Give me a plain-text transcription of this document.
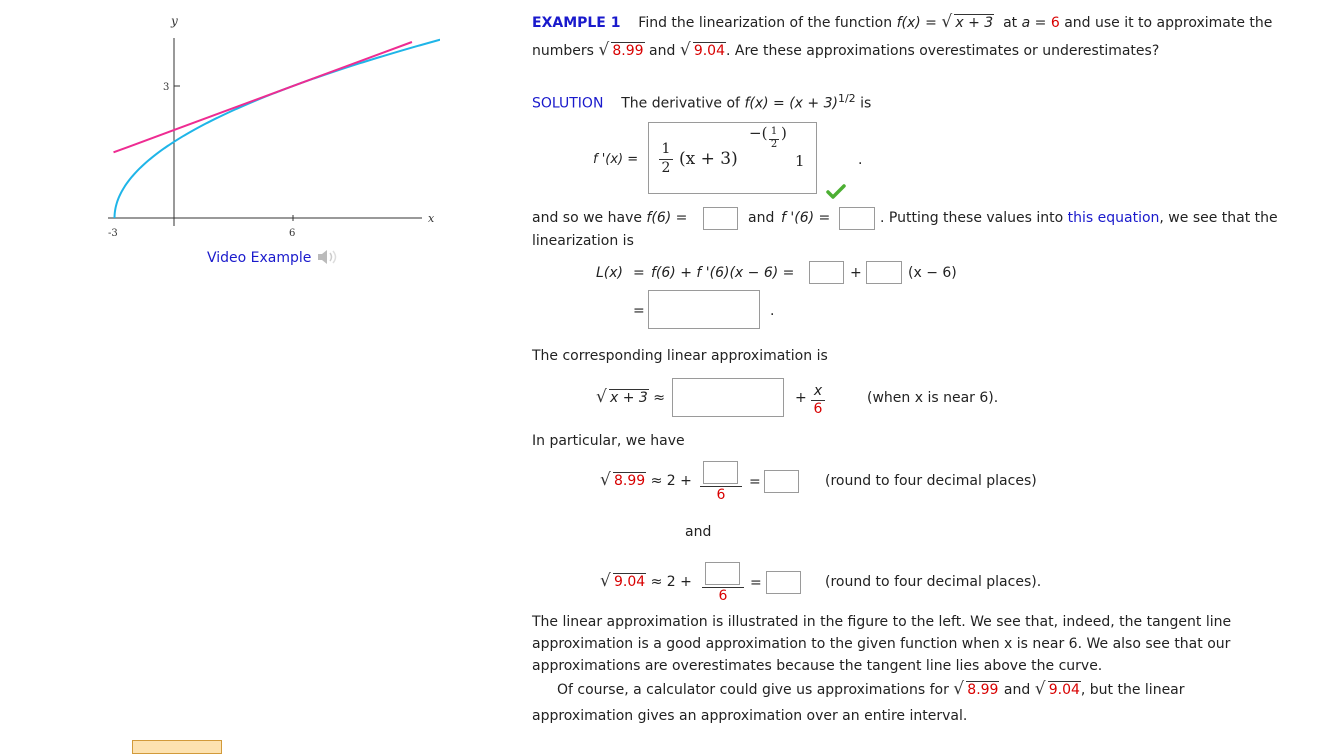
y
x
3
-3	6
Video Example
EXAMPLE 1 Find the linearization of the function f(x) = √ x + 3 at a = 6 and use it to approximate the
numbers √ 8.99 and √ 9.04. Are these approximations overestimates or underestimates?
SOLUTION The derivative of $f(x) = (x + 3)^{1/2}$ is
f '(x) =
1
2 (x + 3)
−( 1
2
)
1	.
and so we have f(6) =	and f '(6) =	. Putting these values into this equation, we see that the
linearization is
L(x) = f(6) + f '(6)(x − 6) =	+	(x − 6)
=	.
The corresponding linear approximation is
√ x + 3 ≈	+ x
6
(when x is near 6).
In particular, we have
√ 8.99 ≈ 2 +
6
=	(round to four decimal places)
and
√ 9.04 ≈ 2 +
6
=	(round to four decimal places).
The linear approximation is illustrated in the figure to the left. We see that, indeed, the tangent line
approximation is a good approximation to the given function when x is near 6. We also see that our
approximations are overestimates because the tangent line lies above the curve.
Of course, a calculator could give us approximations for √ 8.99 and √ 9.04, but the linear
approximation gives an approximation over an entire interval.
